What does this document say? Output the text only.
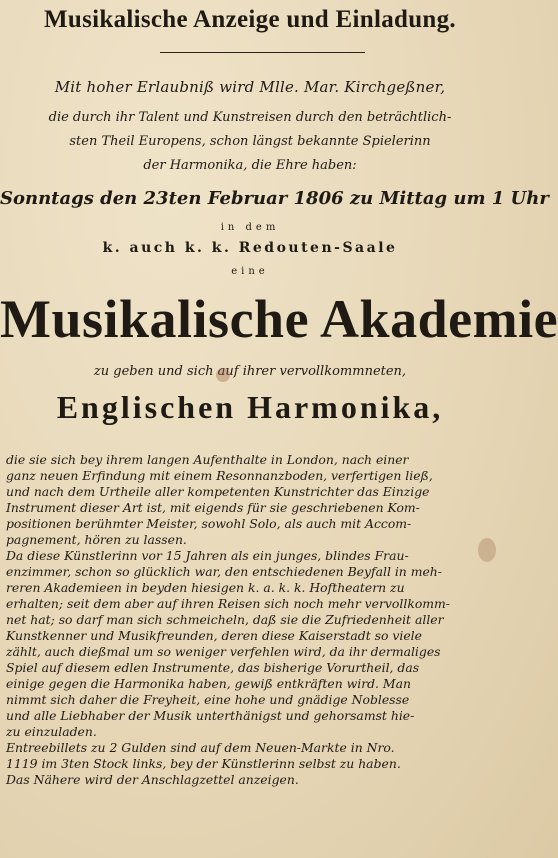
Musikalische Anzeige und Einladung.
Mit hoher Erlaubniß wird Mlle. Mar. Kirchgeßner,
die durch ihr Talent und Kunstreisen durch den beträchtlich-
sten Theil Europens, schon längst bekannte Spielerinn
der Harmonika, die Ehre haben:
Sonntags den 23ten Februar 1806 zu Mittag um 1 Uhr
in dem
k. auch k. k. Redouten-Saale
eine
Musikalische Akademie
zu geben und sich auf ihrer vervollkommneten,
Englischen Harmonika,
die sie sich bey ihrem langen Aufenthalte in London, nach einer
ganz neuen Erfindung mit einem Resonnanzboden, verfertigen ließ,
und nach dem Urtheile aller kompetenten Kunstrichter das Einzige
Instrument dieser Art ist, mit eigends für sie geschriebenen Kom-
positionen berühmter Meister, sowohl Solo, als auch mit Accom-
pagnement, hören zu lassen.
Da diese Künstlerinn vor 15 Jahren als ein junges, blindes Frau-
enzimmer, schon so glücklich war, den entschiedenen Beyfall in meh-
reren Akademieen in beyden hiesigen k. a. k. k. Hoftheatern zu
erhalten; seit dem aber auf ihren Reisen sich noch mehr vervollkomm-
net hat; so darf man sich schmeicheln, daß sie die Zufriedenheit aller
Kunstkenner und Musikfreunden, deren diese Kaiserstadt so viele
zählt, auch dießmal um so weniger verfehlen wird, da ihr dermaliges
Spiel auf diesem edlen Instrumente, das bisherige Vorurtheil, das
einige gegen die Harmonika haben, gewiß entkräften wird. Man
nimmt sich daher die Freyheit, eine hohe und gnädige Noblesse
und alle Liebhaber der Musik unterthänigst und gehorsamst hie-
zu einzuladen.
Entreebillets zu 2 Gulden sind auf dem Neuen-Markte in Nro.
1119 im 3ten Stock links, bey der Künstlerinn selbst zu haben.
Das Nähere wird der Anschlagzettel anzeigen.
